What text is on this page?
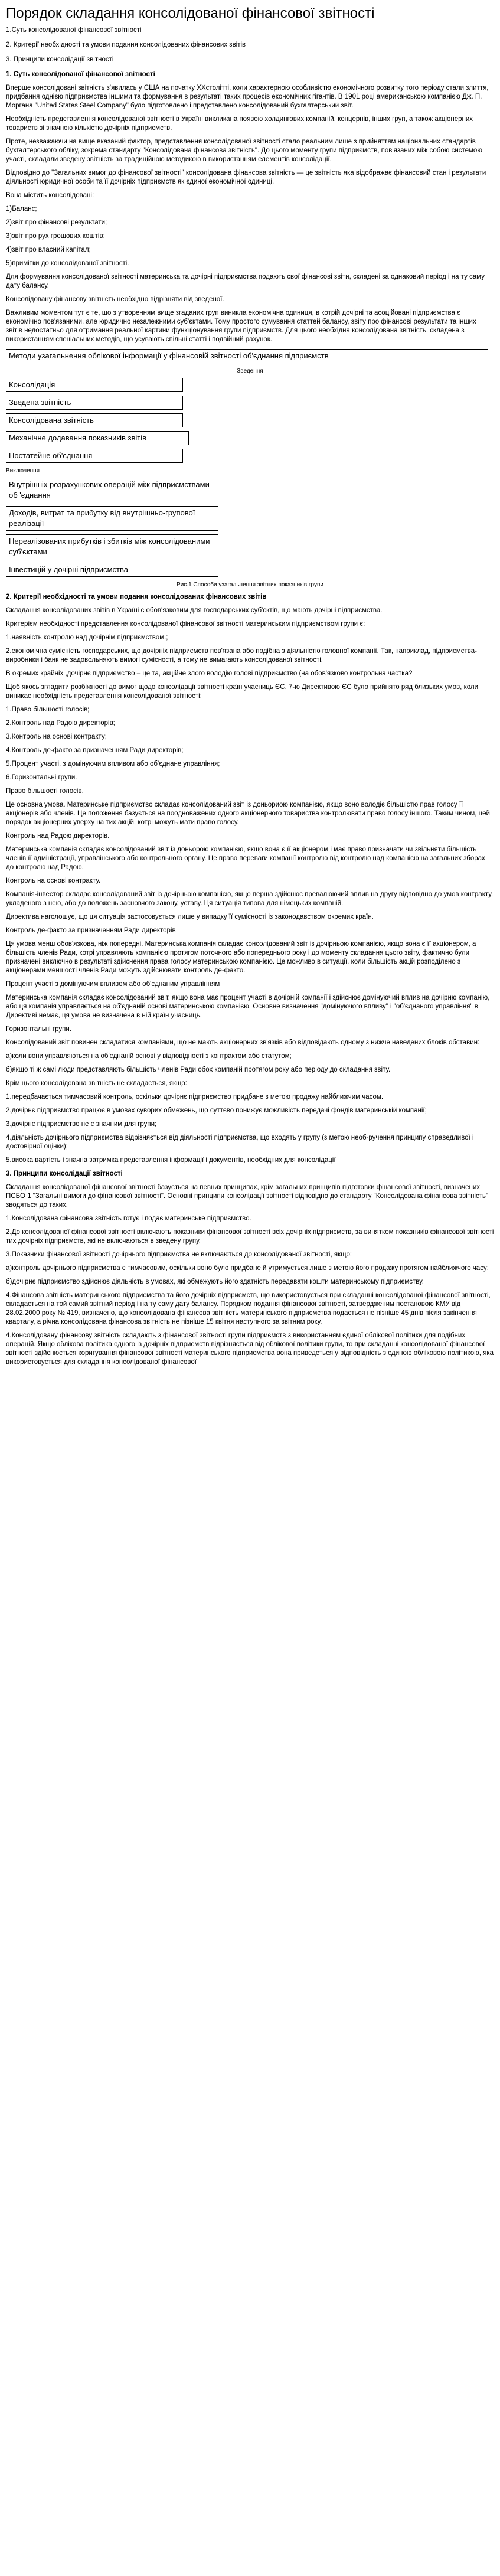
Порядок складання консолідованої фінансової звітності

1.Суть консолідованої фінансової звітності

2. Критерії необхідності та умови подання консолідованих фінансових звітів

3. Принципи консолідації звітності

1. Суть консолідованої фінансової звітності

Вперше консолідовані звітність з'явилась у США на початку XXстолітті, коли характерною особливістю економічного розвитку того періоду стали злиття, придбання однією підприємства іншими та формування в результаті таких процесів економічних гігантів. В 1901 році американською компанією Дж. П. Моргана "United States Steel Company" було підготовлено і представлено консолідований бухгалтерський звіт.

Необхідність представлення консолідованої звітності в Україні викликана появою холдингових компаній, концернів, інших груп, а також акціонерних товариств зі значною кількістю дочірніх підприємств.

Проте, незважаючи на вище вказаний фактор, представлення консолідованої звітності стало реальним лише з прийняттям національних стандартів бухгалтерського обліку, зокрема стандарту "Консолідована фінансова звітність". До цього моменту групи підприємств, пов'язаних між собою системою участі, складали зведену звітність за традиційною методикою в використанням елементів консолідації.

Відповідно до "Загальних вимог до фінансової звітності" консолідована фінансова звітність — це звітність яка відображає фінансовий стан і результати діяльності юридичної особи та її дочірніх підприємств як єдиної економічної одиниці.

Вона містить консолідовані:

1)Баланс;

2)звіт про фінансові результати;

3)звіт про рух грошових коштів;

4)звіт про власний капітал;

5)примітки до консолідованої звітності.

Для формування консолідованої звітності материнська та дочірні підприємства подають свої фінансові звіти, складені за однаковий період і на ту саму дату балансу.

Консолідовану фінансову звітність необхідно відрізняти від зведеної.

Важливим моментом тут є те, що з утворенням вище згаданих груп виникла економічна одиниця, в котрій дочірні та асоційовані підприємства є економічно пов'язаними, але юридично незалежними суб'єктами. Тому простого сумування статтей балансу, звіту про фінансові результати та інших звітів недостатньо для отримання реальної картини функціонування групи підприємств. Для цього необхідна консолідована звітність, складена з використанням спеціальних методів, що усувають спільні статті і подвійний рахунок.

Методи узагальнення облікової інформації у фінансовій звітності об'єднання підприємств

Зведення

Консолідація
Зведена звітність
Консолідована звітність
Механічне додавання показників звітів
Постатейне об'єднання

Виключення

Внутрішніх розрахункових операцій між підприємствами об 'єднання
Доходів, витрат та прибутку від внутрішньо-групової реалізації
Нереалізованих прибутків і збитків між консолідованими суб'єктами
Інвестицій у дочірні підприємства

Рис.1 Способи узагальнення звітних показників групи

2. Критерії необхідності та умови подання консолідованих фінансових звітів

Складання консолідованих звітів в Україні є обов'язковим для господарських суб'єктів, що мають дочірні підприємства.

Критерієм необхідності представлення консолідованої фінансової звітності материнським підприємством групи є:

1.наявність контролю над дочірнім підприємством.;

2.економічна сумісність господарських, що дочірніх підприємств пов'язана або подібна з діяльністю головної компанії. Так, наприклад, підприємства-виробники і банк не задовольняють вимогі сумісності, а тому не вимагають консолідованої звітності.

В окремих крайніх ,дочірнє підприємство – це та, акційне злого володію голові підприємство (на обов'язково контрольна частка?

Щоб якось згладити розбіжності до вимог щодо консолідації звітності країн учасниць ЄС. 7-ю Директивою ЄС було прийнято ряд близьких умов, коли виникає необхідність представлення консолідованої звітності:

1.Право більшості голосів;

2.Контроль над Радою директорів;

3.Контроль на основі контракту;

4.Контроль де-факто за призначенням Ради директорів;

5.Процент участі, з домінуючим впливом або об'єднане управління;

6.Горизонтальні групи.

Право більшості голосів.

Це основна умова. Материнське підприємство складає консолідований звіт із доньориою компанією, якщо воно володіє більшістю прав голосу її акціонерів або членів. Це положення базується на поодноважених одного акціонерного товариства контролювати право голосу іншого. Таким чином, цей порядок акціонерних уверху на тих акцій, котрі можуть мати право голосу.

Контроль над Радою директорів.

Материнська компанія складає консолідований звіт із доньорою компанією, якщо вона є її акціонером і має право призначати чи звільняти більшість членів її адміністрації, управлінського або контрольного органу. Це право переваги компанії контролю від контролю над компанією на загальних зборах до контролю над Радою.

Контроль на основі контракту.

Компанія-інвестор складає консолідований звіт із дочірньою компанією, якщо перша здійснює превалюючий вплив на другу відповідно до умов контракту, укладеного з нею, або до положень засновчого закону, уставу. Ця ситуація типова для німецьких компаній.

Директива наголошує, що ця ситуація застосовується лише у випадку її сумісності із законодавством окремих країн.

Контроль де-факто за призначенням Ради директорів

Ця умова менш обов'язкова, ніж попередні. Материнська компанія складає консолідований звіт із дочірньою компанією, якщо вона є її акціонером, а більшість членів Ради, котрі управляють компанією протягом поточного або попереднього року і до моменту складання цього звіту, фактично були призначені виключно в результаті здійснення права голосу материнською компанією. Це можливо в ситуації, коли більшість акцій розподілено з акціонерами меншості членів Ради можуть здійснювати контроль де-факто.

Процент участі з домінуючим впливом або об'єднаним управлінням

Материнська компанія складає консолідований звіт, якщо вона має процент участі в дочірній компанії і здійснює домінуючий вплив на дочірню компанію, або ця компанія управляється на об'єднаній основі материнською компанією. Основне визначення "домінуючого впливу" і "об'єднаного управління" в Директиві немає, ця умова не визначена в ній країн учасниць.

Горизонтальні групи.

Консолідований звіт повинен складатися компаніями, що не мають акціонерних зв'язків або відповідають одному з нижче наведених блоків обставин:

а)коли вони управляються на об'єднаній основі у відповідності з контрактом або статутом;

б)якщо ті ж самі люди представляють більшість членів Ради обох компаній протягом року або періоду до складання звіту.

Крім цього консолідована звітність не складається, якщо:

1.передбачається тимчасовий контроль, оскільки дочірнє підприємство придбане з метою продажу найближчим часом.

2.дочірнє підприємство працює в умовах суворих обмежень, що суттєво понижує можливість передачі фондів материнській компанії;

3.дочірнє підприємство не є значним для групи;

4.діяльність дочірнього підприємства відрізняється від діяльності підприємства, що входять у групу (з метою необ-ручення принципу справедливої і достовірної оцінки);

5.висока вартість і значна затримка представлення інформації і документів, необхідних для консолідації

3. Принципи консолідації звітності

Складання консолідованої фінансової звітності базується на певних принципах, крім загальних принципів підготовки фінансової звітності, визначених ПСБО 1 "Загальні вимоги до фінансової звітності". Основні принципи консолідації звітності відповідно до стандарту "Консолідована фінансова звітність" зводяться до таких.

1.Консолідована фінансова звітність готує і подає материнське підприємство.

2.До консолідованої фінансової звітності включають показники фінансової звітності всіх дочірніх підприємств, за винятком показників фінансової звітності тих дочірніх підприємств, які не включаються в зведену групу.

3.Показники фінансової звітності дочірнього підприємства не включаються до консолідованої звітності, якщо:

а)контроль дочірнього підприємства є тимчасовим, оскільки воно було придбане й утримується лише з метою його продажу протягом найближчого часу;

б)дочірнє підприємство здійснює діяльність в умовах, які обмежують його здатність передавати кошти материнському підприємству.

4.Фінансова звітність материнського підприємства та його дочірніх підприємств, що використовується при складанні консолідованої фінансової звітності, складається на той самий звітний період і на ту саму дату балансу. Порядком подання фінансової звітності, затвердженим постановою КМУ від 28.02.2000 року № 419, визначено, що консолідована фінансова звітність материнського підприємства подається не пізніше 45 днів після закінчення кварталу, а річна консолідована фінансова звітність не пізніше 15 квітня наступного за звітним року.

4.Консолідовану фінансову звітність складають з фінансової звітності групи підприємств з використанням єдиної облікової політики для подібних операцій. Якщо облікова політика одного із дочірніх підприємств відрізняється від облікової політики групи, то при складанні консолідованої фінансової звітності здійснюється коригування фінансової звітності материнського підприємства вона приведеться у відповідність з єдиною обліковою політикою, яка використовується для складання консолідованої фінансової
